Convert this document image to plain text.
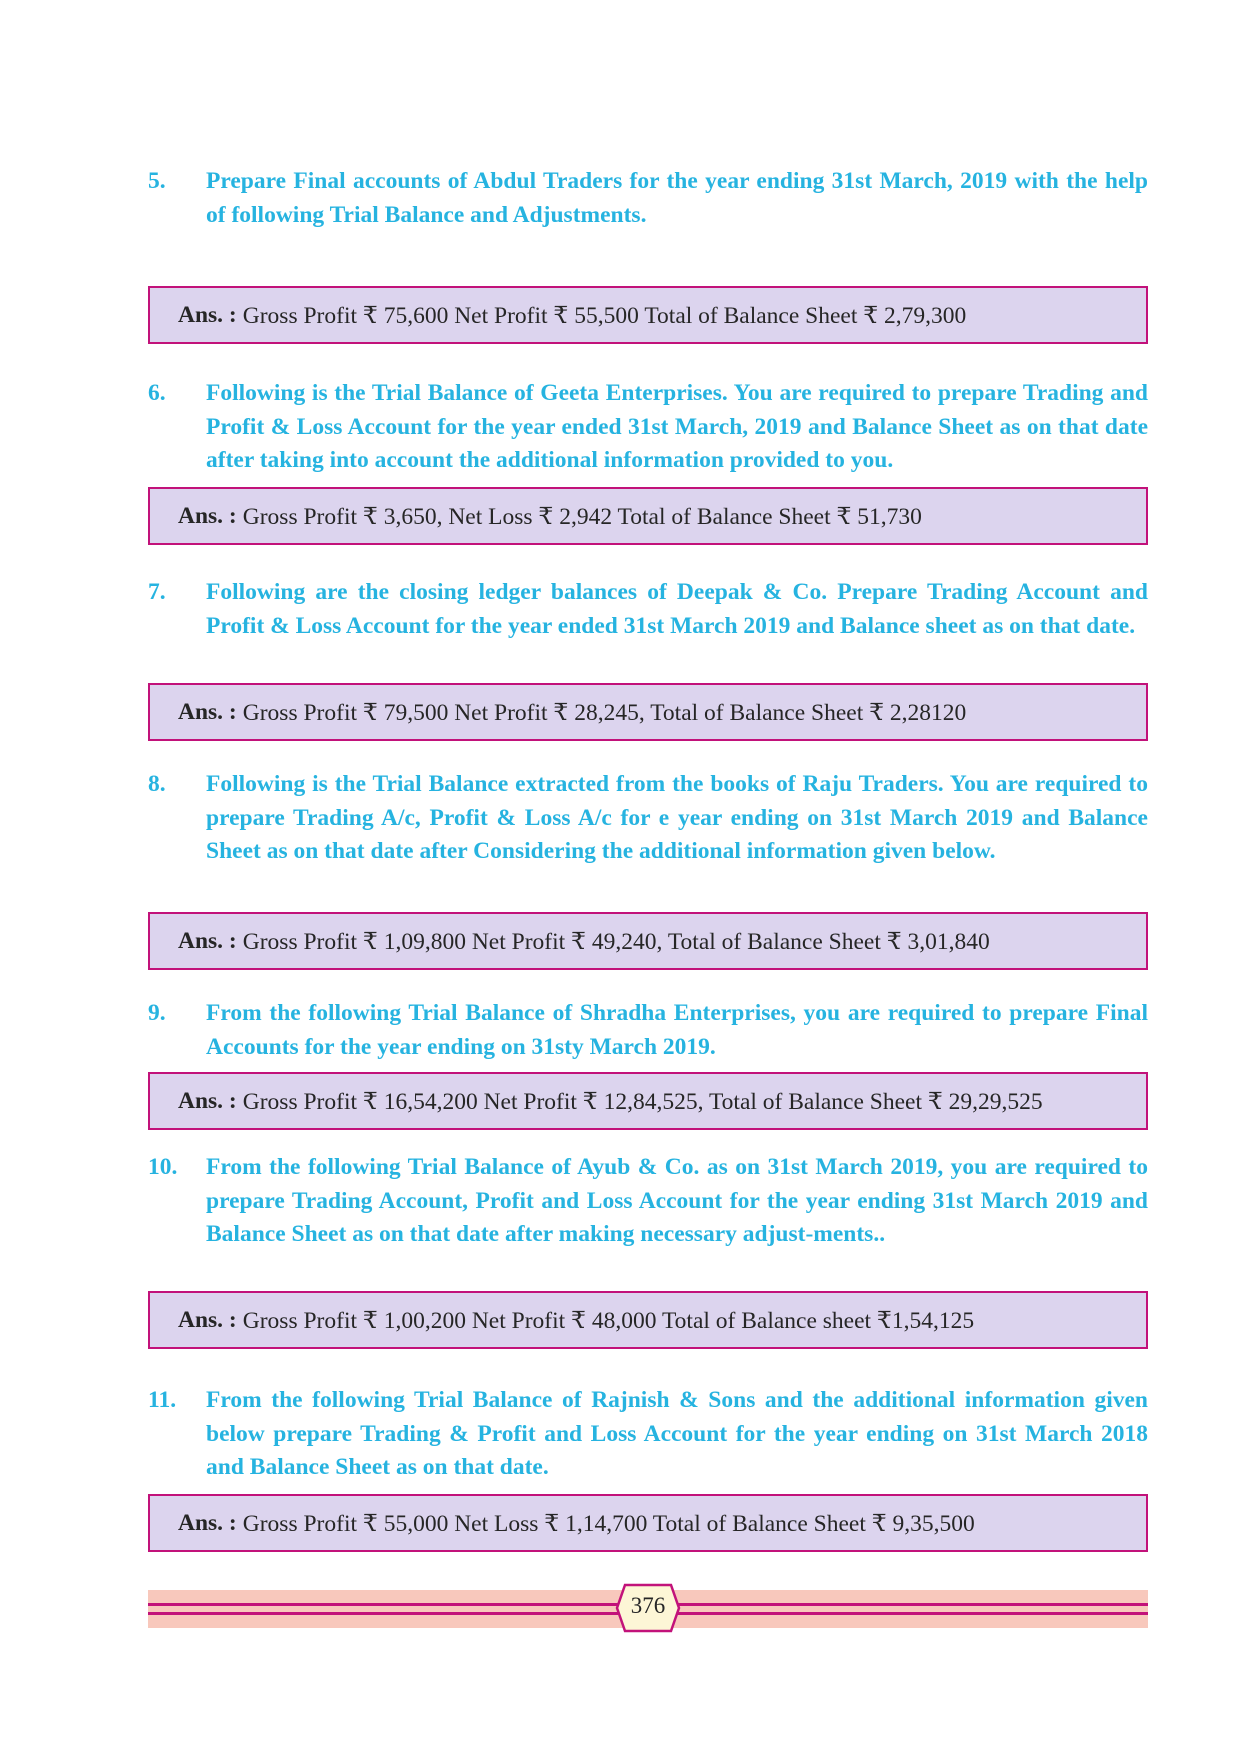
5.	Prepare Final accounts of Abdul Traders for the year ending 31st March, 2019 with the help of following Trial Balance and Adjustments.
Ans. : Gross Profit ₹ 75,600 Net Profit ₹ 55,500 Total of Balance Sheet ₹ 2,79,300
6.	Following is the Trial Balance of Geeta Enterprises. You are required to prepare Trading and Profit & Loss Account for the year ended 31st March, 2019 and Balance Sheet as on that date after taking into account the additional information provided to you.
Ans. : Gross Profit ₹ 3,650, Net Loss ₹ 2,942 Total of Balance Sheet ₹ 51,730
7.	Following are the closing ledger balances of Deepak & Co. Prepare Trading Account and Profit & Loss Account for the year ended 31st March 2019 and Balance sheet as on that date.
Ans. : Gross Profit ₹ 79,500 Net Profit ₹ 28,245, Total of Balance Sheet ₹ 2,28120
8.	Following is the Trial Balance extracted from the books of Raju Traders. You are required to prepare Trading A/c, Profit & Loss A/c for e year ending on 31st March 2019 and Balance Sheet as on that date after Considering the additional information given below.
Ans. : Gross Profit ₹ 1,09,800 Net Profit ₹ 49,240, Total of Balance Sheet ₹ 3,01,840
9.	From the following Trial Balance of Shradha Enterprises, you are required to prepare Final Accounts for the year ending on 31sty March 2019.
Ans. : Gross Profit ₹ 16,54,200 Net Profit ₹ 12,84,525, Total of Balance Sheet ₹ 29,29,525
10.	From the following Trial Balance of Ayub & Co. as on 31st March 2019, you are required to prepare Trading Account, Profit and Loss Account for the year ending 31st March 2019 and Balance Sheet as on that date after making necessary adjust-ments..
Ans. : Gross Profit ₹ 1,00,200 Net Profit ₹ 48,000 Total of Balance sheet ₹1,54,125
11.	From the following Trial Balance of Rajnish & Sons and the additional information given below prepare Trading & Profit and Loss Account for the year ending on 31st March 2018 and Balance Sheet as on that date.
Ans. : Gross Profit ₹ 55,000 Net Loss ₹ 1,14,700 Total of Balance Sheet ₹ 9,35,500
376
